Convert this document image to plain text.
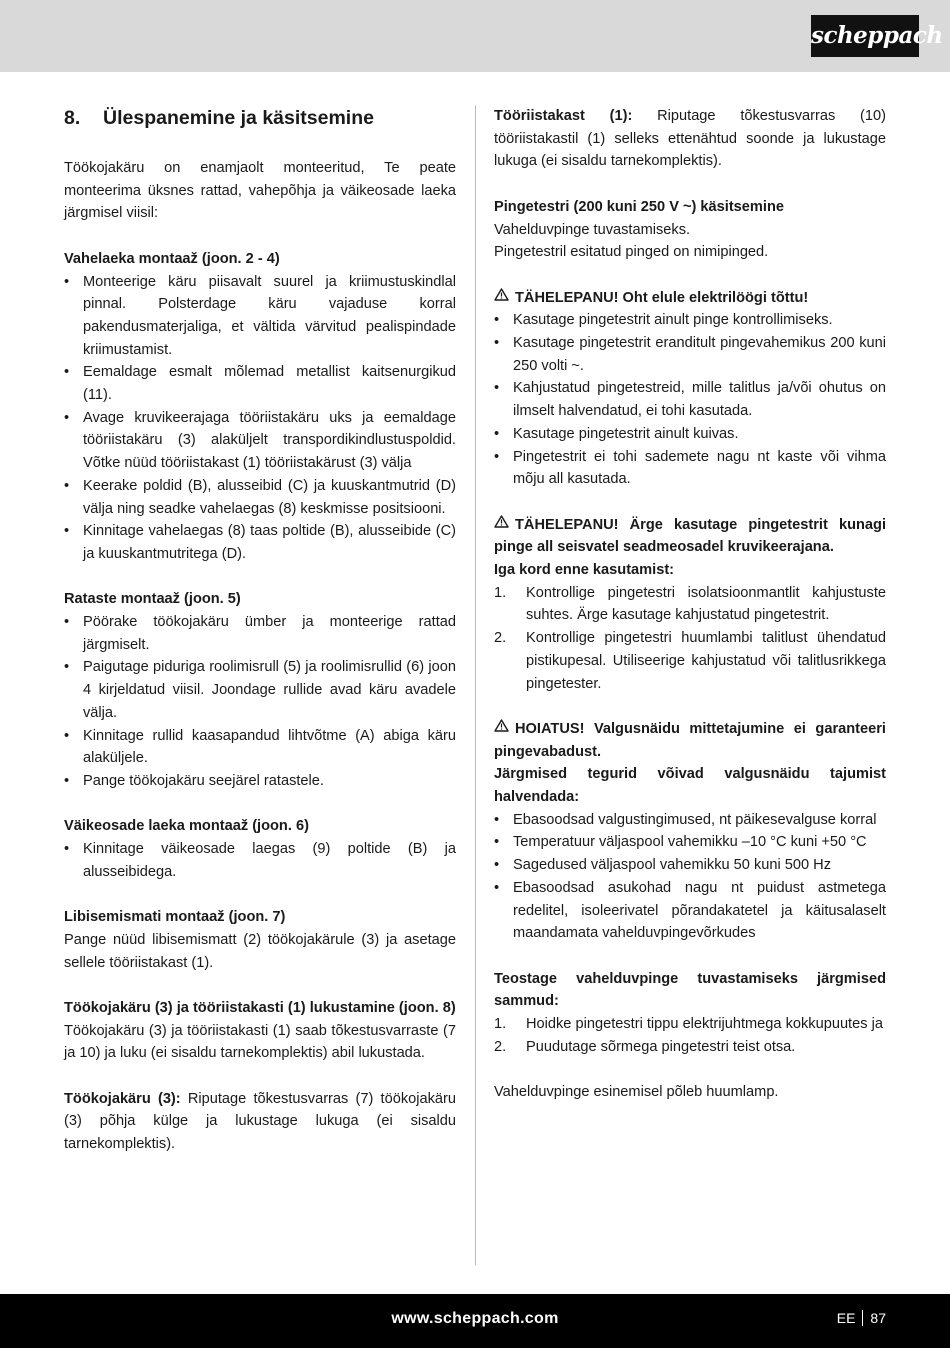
scheppach
8.	Ülespanemine ja käsitsemine

Töökojakäru on enamjaolt monteeritud, Te peate monteerima üksnes rattad, vahepõhja ja väikeosade laeka järgmisel viisil:

Vahelaeka montaaž (joon. 2 - 4)

• Monteerige käru piisavalt suurel ja kriimustuskindlal pinnal. Polsterdage käru vajaduse korral pakendusmaterjaliga, et vältida värvitud pealispindade kriimustamist.
• Eemaldage esmalt mõlemad metallist kaitsenurgikud (11).
• Avage kruvikeerajaga tööriistakäru uks ja eemaldage tööriistakäru (3) alaküljelt transpordikindlustuspoldid. Võtke nüüd tööriistakast (1) tööriistakärust (3) välja
• Keerake poldid (B), alusseibid (C) ja kuuskantmutrid (D) välja ning seadke vahelaegas (8) keskmisse positsiooni.
• Kinnitage vahelaegas (8) taas poltide (B), alusseibide (C) ja kuuskantmutritega (D).

Rataste montaaž (joon. 5)

• Pöörake töökojakäru ümber ja monteerige rattad järgmiselt.
• Paigutage piduriga roolimisrull (5) ja roolimisrullid (6) joon 4 kirjeldatud viisil. Joondage rullide avad käru avadele välja.
• Kinnitage rullid kaasapandud lihtvõtme (A) abiga käru alaküljele.
• Pange töökojakäru seejärel ratastele.

Väikeosade laeka montaaž (joon. 6)

• Kinnitage väikeosade laegas (9) poltide (B) ja alusseibidega.

Libisemismati montaaž (joon. 7)

Pange nüüd libisemismatt (2) töökojakärule (3) ja asetage sellele tööriistakast (1).

Töökojakäru (3) ja tööriistakasti (1) lukustamine (joon. 8)

Töökojakäru (3) ja tööriistakasti (1) saab tõkestusvarraste (7 ja 10) ja luku (ei sisaldu tarnekomplektis) abil lukustada.

Töökojakäru (3): Riputage tõkestusvarras (7) töökojakäru (3) põhja külge ja lukustage lukuga (ei sisaldu tarnekomplektis).

Tööriistakast (1): Riputage tõkestusvarras (10) tööriistakastil (1) selleks ettenähtud soonde ja lukustage lukuga (ei sisaldu tarnekomplektis).

Pingetestri (200 kuni 250 V ~) käsitsemine

Vahelduvpinge tuvastamiseks.

Pingetestril esitatud pinged on nimipinged.

TÄHELEPANU! Oht elule elektrilöögi tõttu!

• Kasutage pingetestrit ainult pinge kontrollimiseks.
• Kasutage pingetestrit eranditult pingevahemikus 200 kuni 250 volti ~.
• Kahjustatud pingetestreid, mille talitlus ja/või ohutus on ilmselt halvendatud, ei tohi kasutada.
• Kasutage pingetestrit ainult kuivas.
• Pingetestrit ei tohi sademete nagu nt kaste või vihma mõju all kasutada.

TÄHELEPANU! Ärge kasutage pingetestrit kunagi pinge all seisvatel seadmeosadel kruvikeerajana.

Iga kord enne kasutamist:

1. Kontrollige pingetestri isolatsioonmantlit kahjustuste suhtes. Ärge kasutage kahjustatud pingetestrit.
2. Kontrollige pingetestri huumlambi talitlust ühendatud pistikupesal. Utiliseerige kahjustatud või talitlusrikkega pingetester.

HOIATUS! Valgusnäidu mittetajumine ei garanteeri pingevabadust.

Järgmised tegurid võivad valgusnäidu tajumist halvendada:

• Ebasoodsad valgustingimused, nt päikesevalguse korral
• Temperatuur väljaspool vahemikku –10 °C kuni +50 °C
• Sagedused väljaspool vahemikku 50 kuni 500 Hz
• Ebasoodsad asukohad nagu nt puidust astmetega redelitel, isoleerivatel põrandakatetel ja käitusalaselt maandamata vahelduvpingevõrkudes

Teostage vahelduvpinge tuvastamiseks järgmised sammud:

1. Hoidke pingetestri tippu elektrijuhtmega kokkupuutes ja
2. Puudutage sõrmega pingetestri teist otsa.

Vahelduvpinge esinemisel põleb huumlamp.

www.scheppach.com	EE 87
